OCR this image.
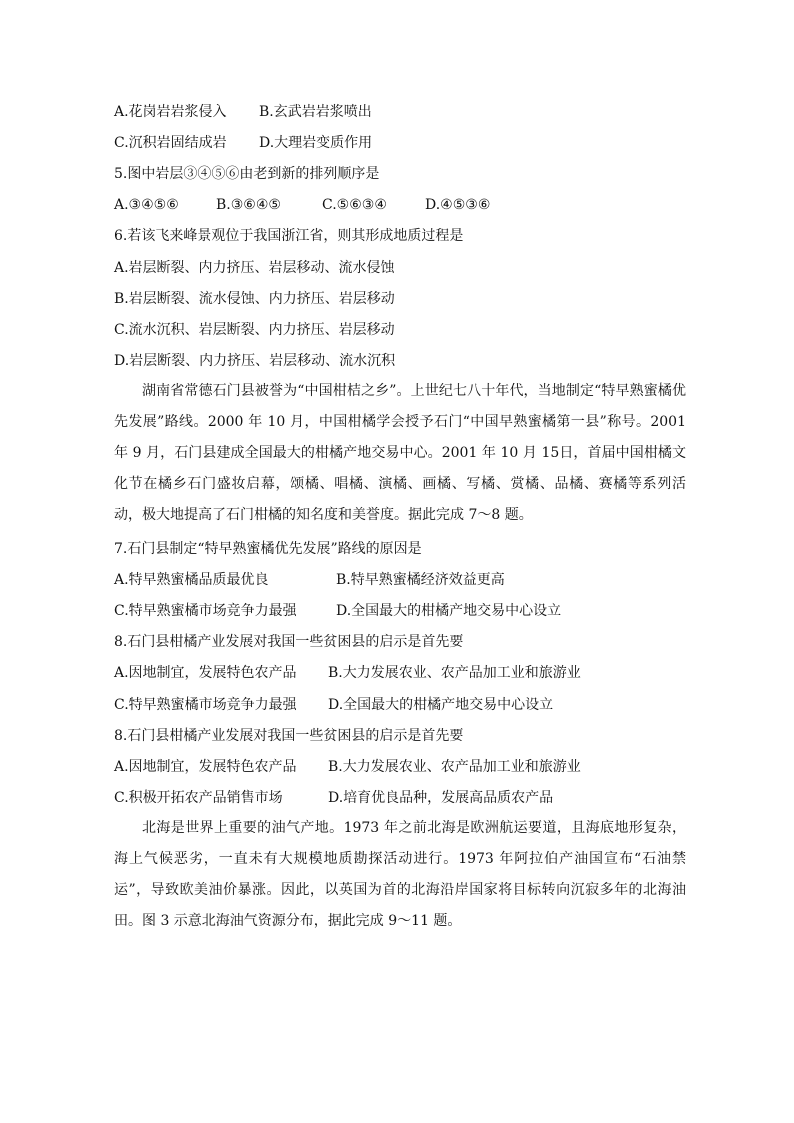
A.花岗岩岩浆侵入 B.玄武岩岩浆喷出
C.沉积岩固结成岩 D.大理岩变质作用
5.图中岩层③④⑤⑥由老到新的排列顺序是
A.③④⑤⑥	B.③⑥④⑤	C.⑤⑥③④	D.④⑤③⑥
6.若该飞来峰景观位于我国浙江省，则其形成地质过程是
A.岩层断裂、内力挤压、岩层移动、流水侵蚀
B.岩层断裂、流水侵蚀、内力挤压、岩层移动
C.流水沉积、岩层断裂、内力挤压、岩层移动
D.岩层断裂、内力挤压、岩层移动、流水沉积
湖南省常德石门县被誉为“中国柑桔之乡”。上世纪七八十年代，当地制定“特早熟蜜橘优先发展”路线。2000 年 10 月，中国柑橘学会授予石门“中国早熟蜜橘第一县”称号。2001 年 9 月，石门县建成全国最大的柑橘产地交易中心。2001 年 10 月 15日，首届中国柑橘文化节在橘乡石门盛妆启幕，颂橘、唱橘、演橘、画橘、写橘、赏橘、品橘、赛橘等系列活动，极大地提高了石门柑橘的知名度和美誉度。据此完成 7～8 题。
7.石门县制定“特早熟蜜橘优先发展”路线的原因是
A.特早熟蜜橘品质最优良	B.特早熟蜜橘经济效益更高
C.特早熟蜜橘市场竞争力最强	D.全国最大的柑橘产地交易中心设立
8.石门县柑橘产业发展对我国一些贫困县的启示是首先要
A.因地制宜，发展特色农产品 B.大力发展农业、农产品加工业和旅游业
C.特早熟蜜橘市场竞争力最强 D.全国最大的柑橘产地交易中心设立
8.石门县柑橘产业发展对我国一些贫困县的启示是首先要
A.因地制宜，发展特色农产品 B.大力发展农业、农产品加工业和旅游业
C.积极开拓农产品销售市场	D.培育优良品种，发展高品质农产品
北海是世界上重要的油气产地。1973 年之前北海是欧洲航运要道，且海底地形复杂，海上气候恶劣，一直未有大规模地质勘探活动进行。1973 年阿拉伯产油国宣布“石油禁运”，导致欧美油价暴涨。因此，以英国为首的北海沿岸国家将目标转向沉寂多年的北海油田。图 3 示意北海油气资源分布，据此完成 9～11 题。
